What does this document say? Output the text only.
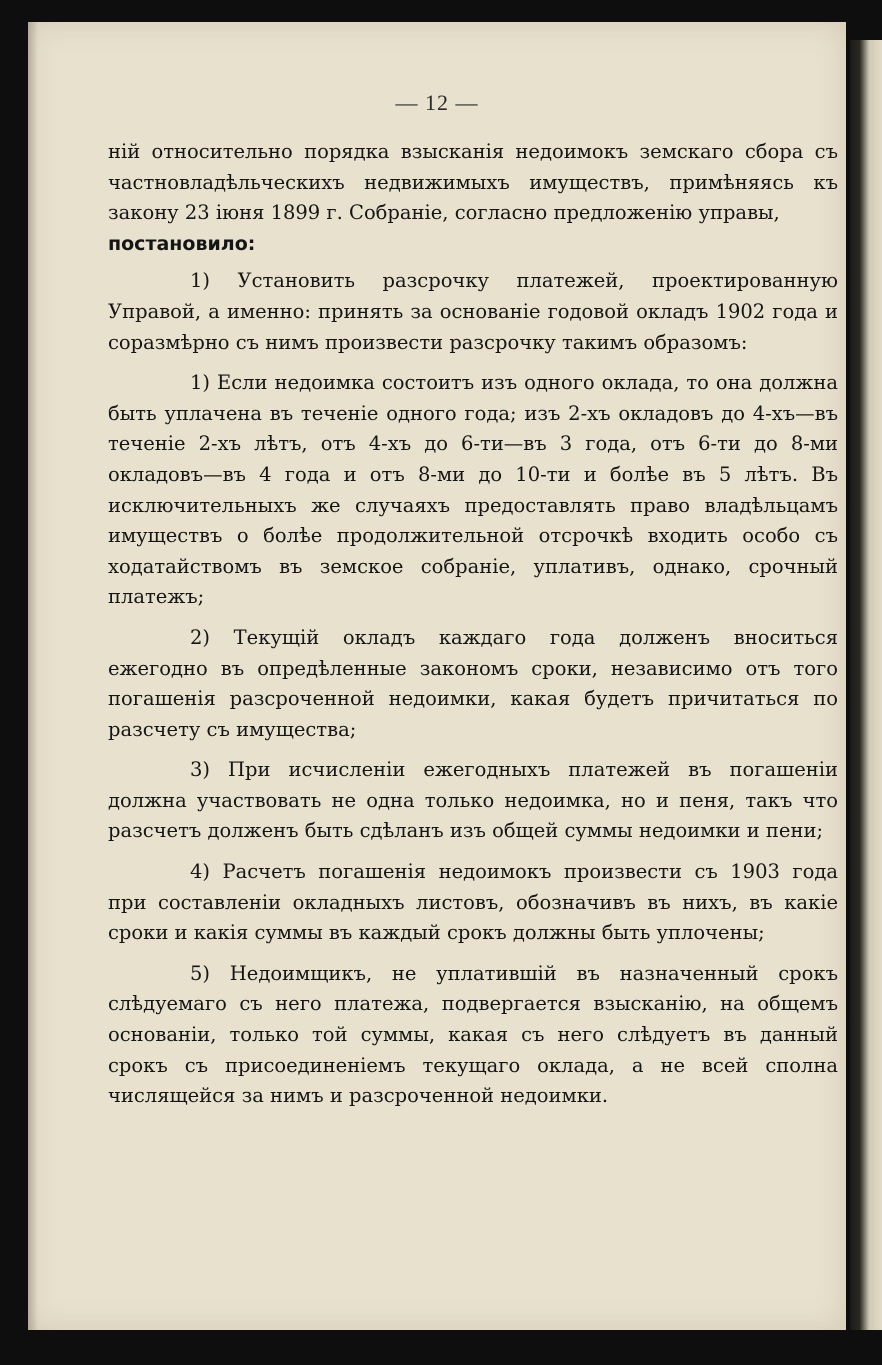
— 12 —

ній относительно порядка взысканія недоимокъ земскаго сбора съ частновладѣльческихъ недвижимыхъ имуществъ, примѣняясь къ закону 23 іюня 1899 г. Собраніе, согласно предложенію управы,
постановило:

1) Установить разсрочку платежей, проектированную Управой, а именно: принять за основаніе годовой окладъ 1902 года и соразмѣрно съ нимъ произвести разсрочку такимъ образомъ:

1) Если недоимка состоитъ изъ одного оклада, то она должна быть уплачена въ теченіе одного года; изъ 2-хъ окладовъ до 4-хъ—въ теченіе 2-хъ лѣтъ, отъ 4-хъ до 6-ти—въ 3 года, отъ 6-ти до 8-ми окладовъ—въ 4 года и отъ 8-ми до 10-ти и болѣе въ 5 лѣтъ. Въ исключительныхъ же случаяхъ предоставлять право владѣльцамъ имуществъ о болѣе продолжительной отсрочкѣ входить особо съ ходатайствомъ въ земское собраніе, уплативъ, однако, срочный платежъ;

2) Текущій окладъ каждаго года долженъ вноситься ежегодно въ опредѣленные закономъ сроки, независимо отъ того погашенія разсроченной недоимки, какая будетъ причитаться по разсчету съ имущества;

3) При исчисленіи ежегодныхъ платежей въ погашеніи должна участвовать не одна только недоимка, но и пеня, такъ что разсчетъ долженъ быть сдѣланъ изъ общей суммы недоимки и пени;

4) Расчетъ погашенія недоимокъ произвести съ 1903 года при составленіи окладныхъ листовъ, обозначивъ въ нихъ, въ какіе сроки и какія суммы въ каждый срокъ должны быть уплочены;

5) Недоимщикъ, не уплатившій въ назначенный срокъ слѣдуемаго съ него платежа, подвергается взысканію, на общемъ основаніи, только той суммы, какая съ него слѣдуетъ въ данный срокъ съ присоединеніемъ текущаго оклада, а не всей сполна числящейся за нимъ и разсроченной недоимки.
